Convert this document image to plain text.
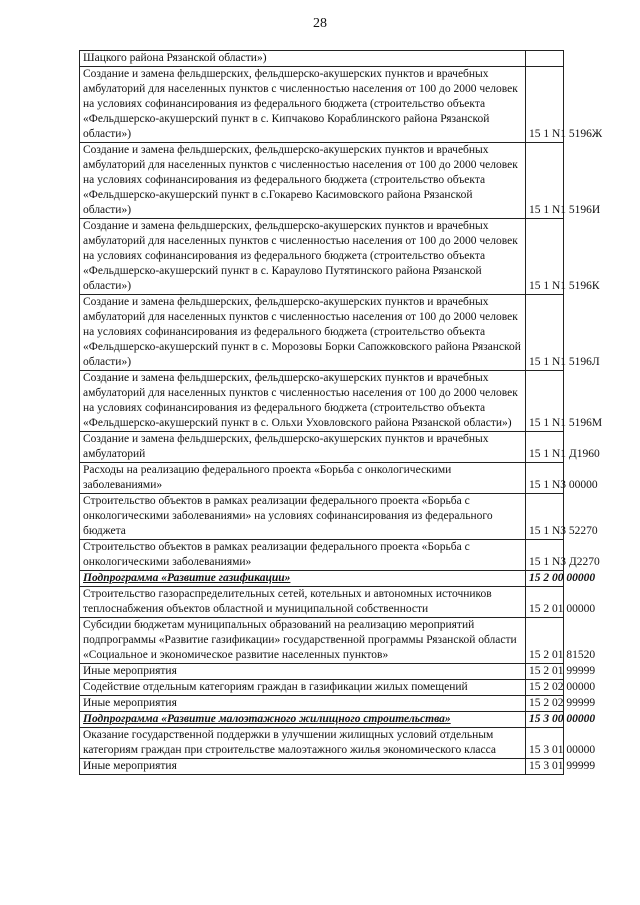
28
Шацкого района Рязанской области»)	
Создание и замена фельдшерских, фельдшерско-акушерских пунктов и врачебных амбулаторий для населенных пунктов с численностью населения от 100 до 2000 человек на условиях софинансирования из федерального бюджета (строительство объекта «Фельдшерско-акушерский пункт в с. Кипчаково Кораблинского района Рязанской области»)	15 1 N1 5196Ж
Создание и замена фельдшерских, фельдшерско-акушерских пунктов и врачебных амбулаторий для населенных пунктов с численностью населения от 100 до 2000 человек на условиях софинансирования из федерального бюджета (строительство объекта «Фельдшерско-акушерский пункт в с.Гокарево Касимовского района Рязанской области»)	15 1 N1 5196И
Создание и замена фельдшерских, фельдшерско-акушерских пунктов и врачебных амбулаторий для населенных пунктов с численностью населения от 100 до 2000 человек на условиях софинансирования из федерального бюджета (строительство объекта «Фельдшерско-акушерский пункт в с. Караулово Путятинского района Рязанской области»)	15 1 N1 5196К
Создание и замена фельдшерских, фельдшерско-акушерских пунктов и врачебных амбулаторий для населенных пунктов с численностью населения от 100 до 2000 человек на условиях софинансирования из федерального бюджета (строительство объекта «Фельдшерско-акушерский пункт в с. Морозовы Борки Сапожковского района Рязанской области»)	15 1 N1 5196Л
Создание и замена фельдшерских, фельдшерско-акушерских пунктов и врачебных амбулаторий для населенных пунктов с численностью населения от 100 до 2000 человек на условиях софинансирования из федерального бюджета (строительство объекта «Фельдшерско-акушерский пункт в с. Ольхи Уховловского района Рязанской области»)	15 1 N1 5196М
Создание и замена фельдшерских, фельдшерско-акушерских пунктов и врачебных амбулаторий	15 1 N1 Д1960
Расходы на реализацию федерального проекта «Борьба с онкологическими заболеваниями»	15 1 N3 00000
Строительство объектов в рамках реализации федерального проекта «Борьба с онкологическими заболеваниями» на условиях софинансирования из федерального бюджета	15 1 N3 52270
Строительство объектов в рамках реализации федерального проекта «Борьба с онкологическими заболеваниями»	15 1 N3 Д2270
Подпрограмма «Развитие газификации»	15 2 00 00000
Строительство газораспределительных сетей, котельных и автономных источников теплоснабжения объектов областной и муниципальной собственности	15 2 01 00000
Субсидии бюджетам муниципальных образований на реализацию мероприятий подпрограммы «Развитие газификации» государственной программы Рязанской области «Социальное и экономическое развитие населенных пунктов»	15 2 01 81520
Иные мероприятия	15 2 01 99999
Содействие отдельным категориям граждан в газификации жилых помещений	15 2 02 00000
Иные мероприятия	15 2 02 99999
Подпрограмма «Развитие малоэтажного жилищного строительства»	15 3 00 00000
Оказание государственной поддержки в улучшении жилищных условий отдельным категориям граждан при строительстве малоэтажного жилья экономического класса	15 3 01 00000
Иные мероприятия	15 3 01 99999
